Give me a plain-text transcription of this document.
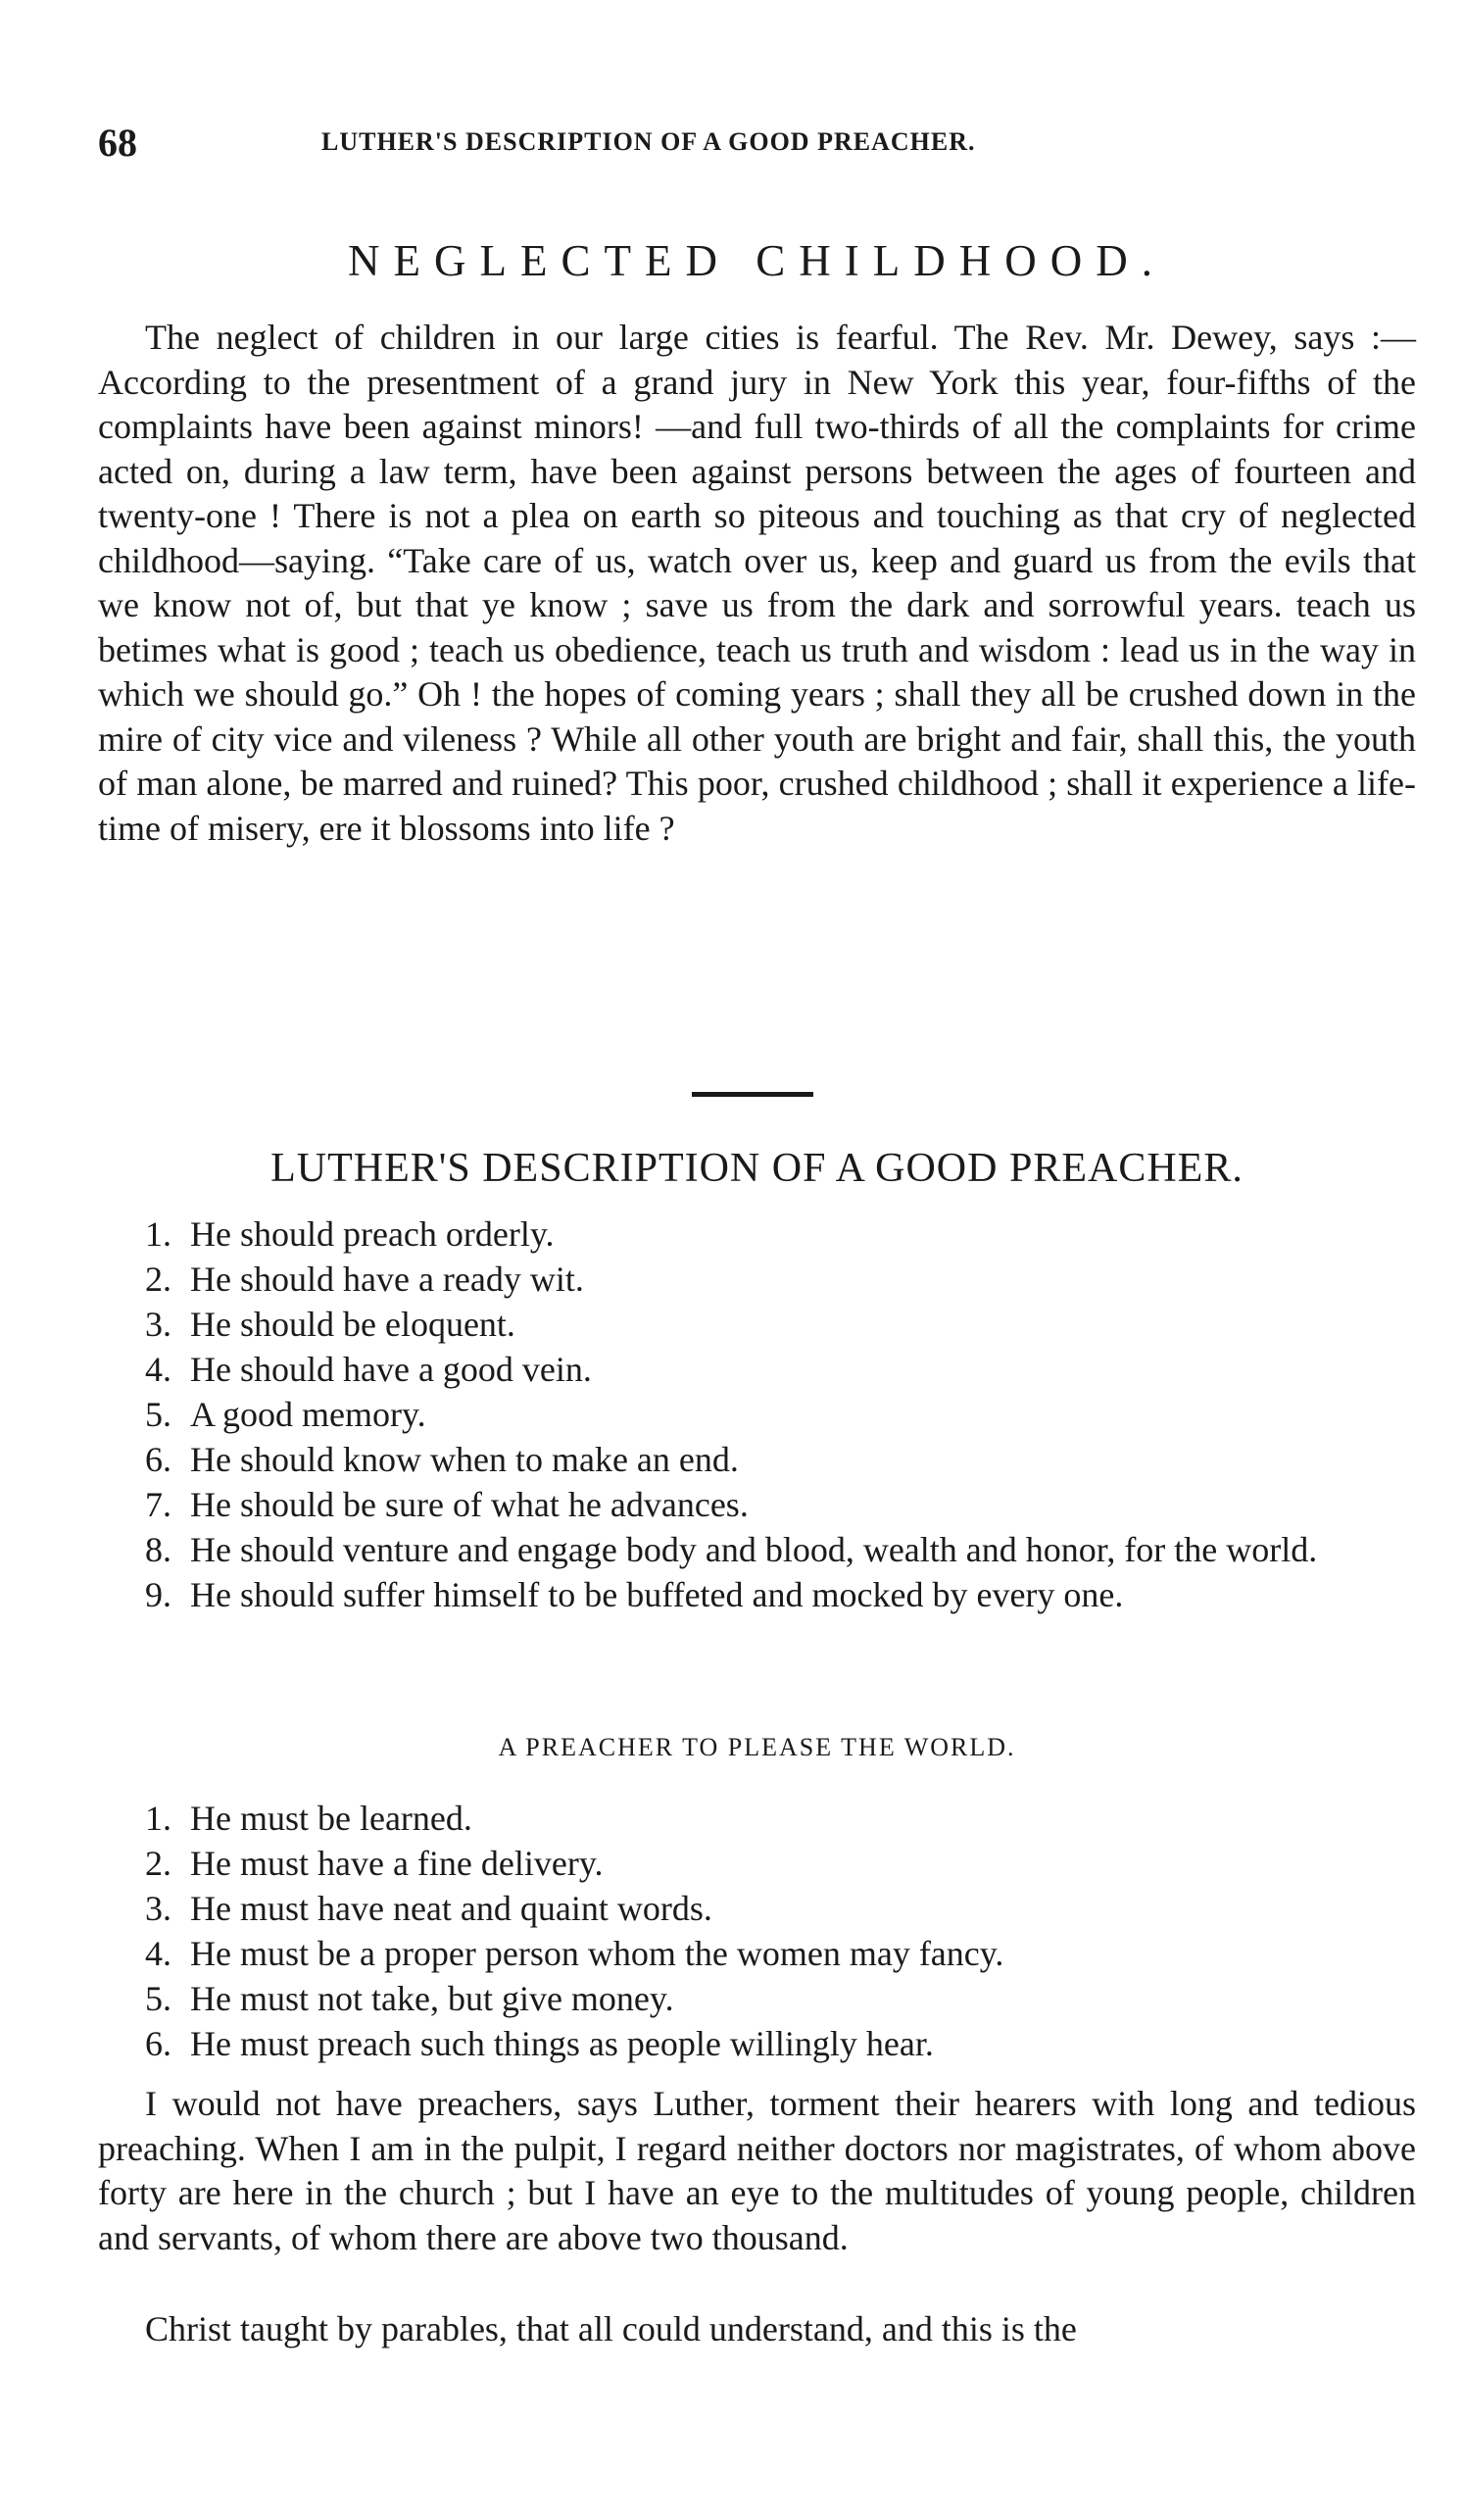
68	LUTHER'S DESCRIPTION OF A GOOD PREACHER.
NEGLECTED CHILDHOOD.

The neglect of children in our large cities is fearful. The Rev. Mr. Dewey, says :—According to the presentment of a grand jury in New York this year, four-fifths of the complaints have been against minors! —and full two-thirds of all the complaints for crime acted on, during a law term, have been against persons between the ages of fourteen and twenty-one ! There is not a plea on earth so piteous and touching as that cry of neglected childhood—saying. “Take care of us, watch over us, keep and guard us from the evils that we know not of, but that ye know ; save us from the dark and sorrowful years. teach us betimes what is good ; teach us obedience, teach us truth and wisdom : lead us in the way in which we should go.” Oh ! the hopes of coming years ; shall they all be crushed down in the mire of city vice and vileness ? While all other youth are bright and fair, shall this, the youth of man alone, be marred and ruined? This poor, crushed childhood ; shall it experience a life-time of misery, ere it blossoms into life ?

LUTHER'S DESCRIPTION OF A GOOD PREACHER.
1. He should preach orderly.
2. He should have a ready wit.
3. He should be eloquent.
4. He should have a good vein.
5. A good memory.
6. He should know when to make an end.
7. He should be sure of what he advances.
8. He should venture and engage body and blood, wealth and honor, for the world.
9. He should suffer himself to be buffeted and mocked by every one.
A PREACHER TO PLEASE THE WORLD.
1. He must be learned.
2. He must have a fine delivery.
3. He must have neat and quaint words.
4. He must be a proper person whom the women may fancy.
5. He must not take, but give money.
6. He must preach such things as people willingly hear.

I would not have preachers, says Luther, torment their hearers with long and tedious preaching. When I am in the pulpit, I regard neither doctors nor magistrates, of whom above forty are here in the church ; but I have an eye to the multitudes of young people, children and servants, of whom there are above two thousand.

Christ taught by parables, that all could understand, and this is the
